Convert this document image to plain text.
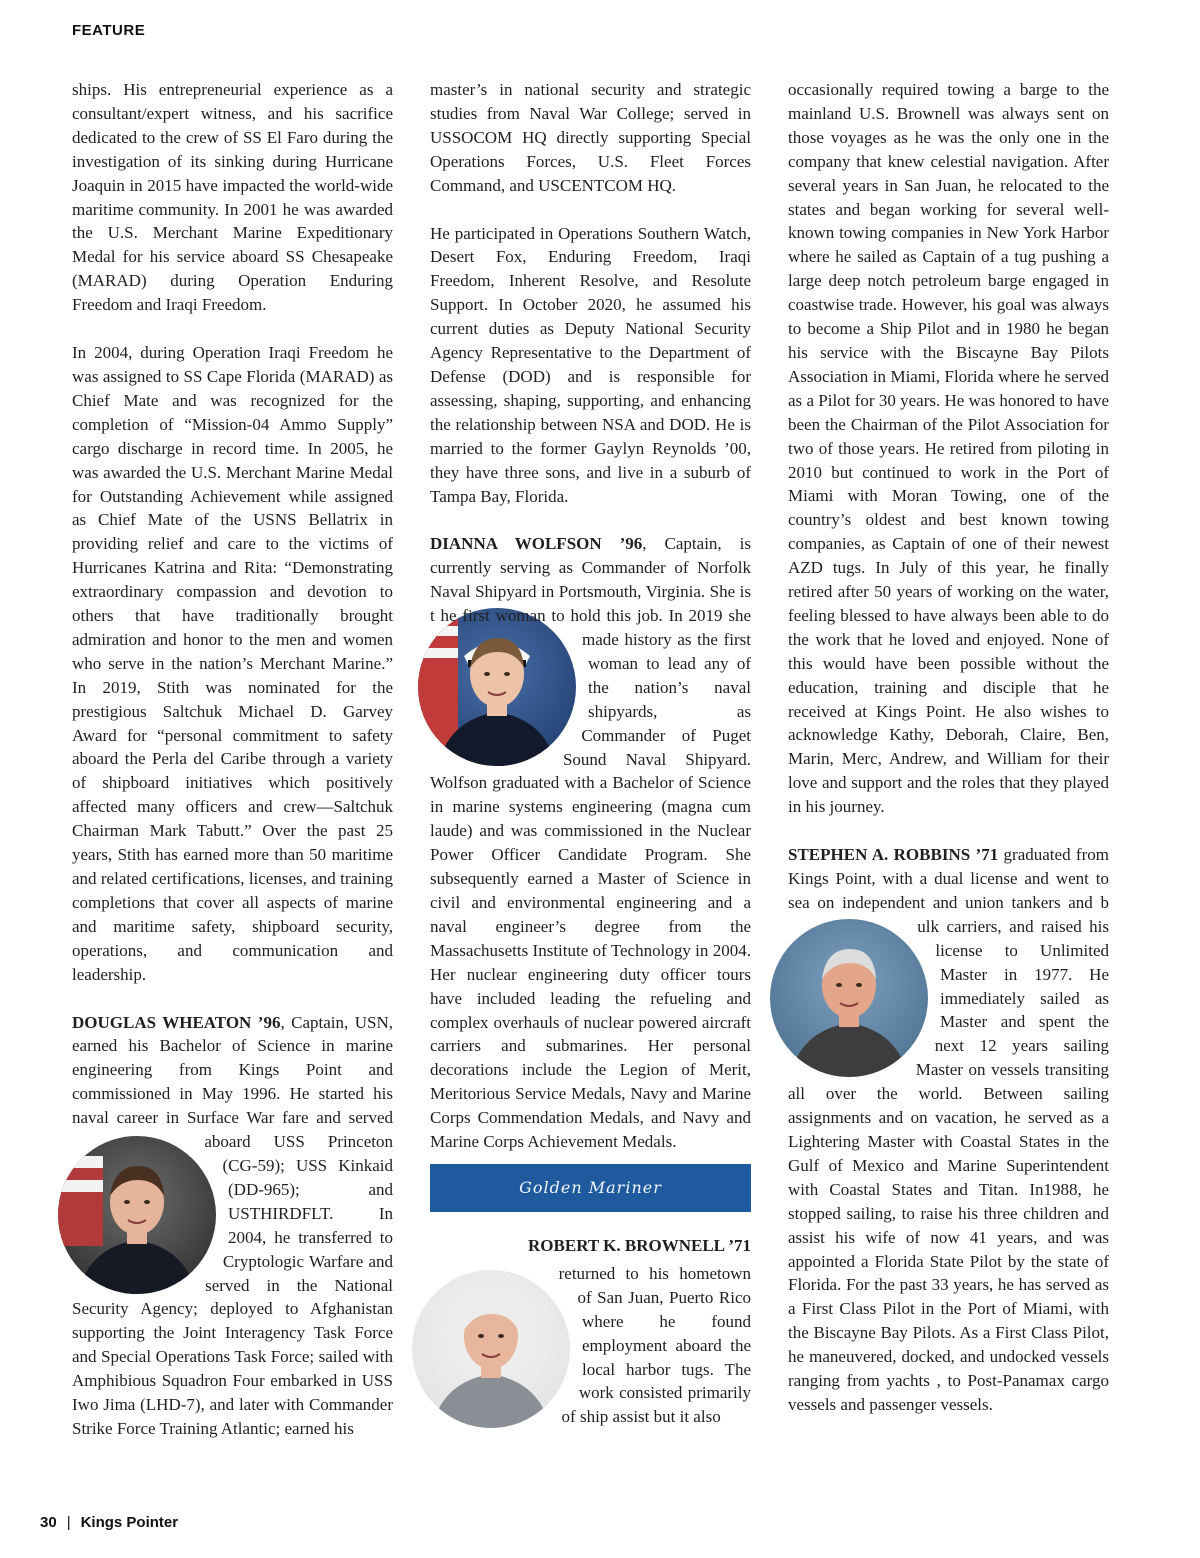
FEATURE

ships. His entrepreneurial experience as a consultant/expert witness, and his sacrifice dedicated to the crew of SS El Faro during the investigation of its sinking during Hurricane Joaquin in 2015 have impacted the world-wide maritime community. In 2001 he was awarded the U.S. Merchant Marine Expeditionary Medal for his service aboard SS Chesapeake (MARAD) during Operation Enduring Freedom and Iraqi Freedom.

In 2004, during Operation Iraqi Freedom he was assigned to SS Cape Florida (MARAD) as Chief Mate and was recognized for the completion of “Mission-04 Ammo Supply” cargo discharge in record time. In 2005, he was awarded the U.S. Merchant Marine Medal for Outstanding Achievement while assigned as Chief Mate of the USNS Bellatrix in providing relief and care to the victims of Hurricanes Katrina and Rita: “Demonstrating extraordinary compassion and devotion to others that have traditionally brought admiration and honor to the men and women who serve in the nation’s Merchant Marine.” In 2019, Stith was nominated for the prestigious Saltchuk Michael D. Garvey Award for “personal commitment to safety aboard the Perla del Caribe through a variety of shipboard initiatives which positively affected many officers and crew—Saltchuk Chairman Mark Tabutt.” Over the past 25 years, Stith has earned more than 50 maritime and related certifications, licenses, and training completions that cover all aspects of marine and maritime safety, shipboard security, operations, and communication and leadership.

DOUGLAS WHEATON ’96, Captain, USN, earned his Bachelor of Science in marine engineering from Kings Point and commissioned in May 1996. He started his naval career in Surface War fare and served aboard USS Princeton (CG-59); USS Kinkaid (DD-965); and USTHIRDFLT. In 2004, he transferred to Cryptologic Warfare and served in the National Security Agency; deployed to Afghanistan supporting the Joint Interagency Task Force and Special Operations Task Force; sailed with Amphibious Squadron Four embarked in USS Iwo Jima (LHD-7), and later with Commander Strike Force Training Atlantic; earned his

master’s in national security and strategic studies from Naval War College; served in USSOCOM HQ directly supporting Special Operations Forces, U.S. Fleet Forces Command, and USCENTCOM HQ.

He participated in Operations Southern Watch, Desert Fox, Enduring Freedom, Iraqi Freedom, Inherent Resolve, and Resolute Support. In October 2020, he assumed his current duties as Deputy National Security Agency Representative to the Department of Defense (DOD) and is responsible for assessing, shaping, supporting, and enhancing the relationship between NSA and DOD. He is married to the former Gaylyn Reynolds ’00, they have three sons, and live in a suburb of Tampa Bay, Florida.

DIANNA WOLFSON ’96, Captain, is currently serving as Commander of Norfolk Naval Shipyard in Portsmouth, Virginia. She is t he first woman to hold this job. In 2019 she made history as the first woman to lead any of the nation’s naval shipyards, as Commander of Puget Sound Naval Shipyard. Wolfson graduated with a Bachelor of Science in marine systems engineering (magna cum laude) and was commissioned in the Nuclear Power Officer Candidate Program. She subsequently earned a Master of Science in civil and environmental engineering and a naval engineer’s degree from the Massachusetts Institute of Technology in 2004. Her nuclear engineering duty officer tours have included leading the refueling and complex overhauls of nuclear powered aircraft carriers and submarines. Her personal decorations include the Legion of Merit, Meritorious Service Medals, Navy and Marine Corps Commendation Medals, and Navy and Marine Corps Achievement Medals.

Golden Mariner
ROBERT K. BROWNELL ’71

returned to his hometown of San Juan, Puerto Rico where he found employment aboard the local harbor tugs. The work consisted primarily of ship assist but it also

occasionally required towing a barge to the mainland U.S. Brownell was always sent on those voyages as he was the only one in the company that knew celestial navigation. After several years in San Juan, he relocated to the states and began working for several well-known towing companies in New York Harbor where he sailed as Captain of a tug pushing a large deep notch petroleum barge engaged in coastwise trade. However, his goal was always to become a Ship Pilot and in 1980 he began his service with the Biscayne Bay Pilots Association in Miami, Florida where he served as a Pilot for 30 years. He was honored to have been the Chairman of the Pilot Association for two of those years. He retired from piloting in 2010 but continued to work in the Port of Miami with Moran Towing, one of the country’s oldest and best known towing companies, as Captain of one of their newest AZD tugs. In July of this year, he finally retired after 50 years of working on the water, feeling blessed to have always been able to do the work that he loved and enjoyed. None of this would have been possible without the education, training and disciple that he received at Kings Point. He also wishes to acknowledge Kathy, Deborah, Claire, Ben, Marin, Merc, Andrew, and William for their love and support and the roles that they played in his journey.

STEPHEN A. ROBBINS ’71 graduated from Kings Point, with a dual license and went to sea on independent and union tankers and b
ulk carriers, and raised his license to Unlimited Master in 1977. He immediately sailed as Master and spent the next 12 years sailing Master on vessels transiting all over the world. Between sailing assignments and on vacation, he served as a Lightering Master with Coastal States in the Gulf of Mexico and Marine Superintendent with Coastal States and Titan. In1988, he stopped sailing, to raise his three children and assist his wife of now 41 years, and was appointed a Florida State Pilot by the state of Florida. For the past 33 years, he has served as a First Class Pilot in the Port of Miami, with the Biscayne Bay Pilots. As a First Class Pilot, he maneuvered, docked, and undocked vessels ranging from yachts , to Post-Panamax cargo vessels and passenger vessels.

30 | Kings Pointer
